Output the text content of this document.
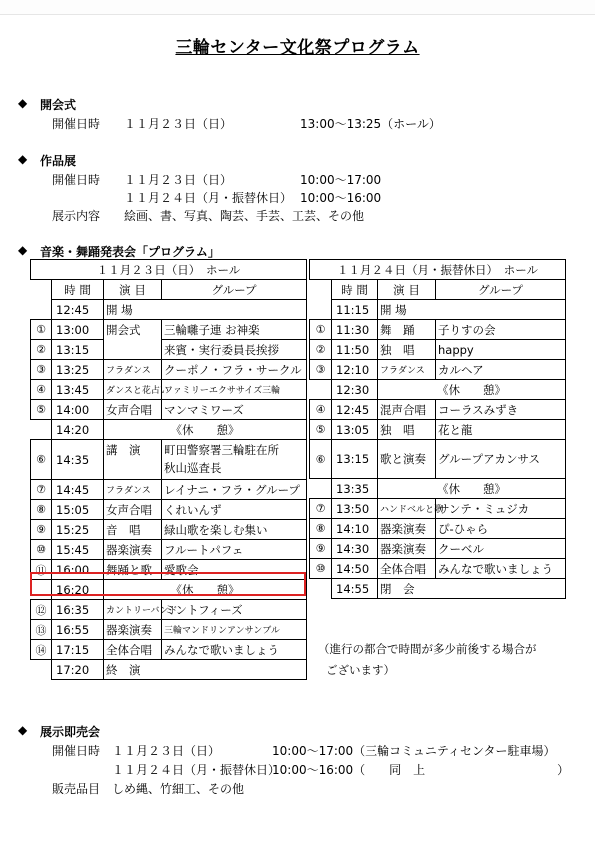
三輪センター文化祭プログラム
◆ 開会式
開催日時 １１月２３日（日）	13:00～13:25（ホール）
◆ 作品展
開催日時 １１月２３日（日）	10:00～17:00
１１月２４日（月・振替休日） 10:00～16:00
展示内容 絵画、書、写真、陶芸、手芸、工芸、その他
◆ 音楽・舞踊発表会「プログラム」
１１月２３日（日）　ホール			
	時 間	演 目	グループ
	12:45	開 場	
①	13:00	開会式	三輪囃子連 お神楽
②	13:15		来賓・実行委員長挨拶
③	13:25	フラダンス	クーポノ・フラ・サークル
④	13:45	ダンスと花占い	ファミリーエクササイズ三輪
⑤	14:00	女声合唱	マンマミワーズ
	14:20	《休　　憩》	
⑥	14:35	講　演	町田警察署三輪駐在所
秋山巡査長

⑦	14:45	フラダンス	レイナニ・フラ・グループ
⑧	15:05	女声合唱	くれいんず
⑨	15:25	音　唱	緑山歌を楽しむ集い
⑩	15:45	器楽演奏	フルートパフェ
⑪	16:00	舞踊と歌	愛歌会
	16:20	《休　　憩》	
⑫	16:35	カントリーバンド	ミントフィーズ
⑬	16:55	器楽演奏	三輪マンドリンアンサンブル
⑭	17:15	全体合唱	みんなで歌いましょう
	17:20	終　演	
１１月２４日（月・振替休日）　ホール			
	時 間	演 目	グループ
	11:15	開 場	
①	11:30	舞　踊	子りすの会
②	11:50	独　唱	happy
③	12:10	フラダンス	カルヘア
	12:30	《休　　憩》	
④	12:45	混声合唱	コーラスみずき
⑤	13:05	独　唱	花と龍
⑥	13:15	歌と演奏	グループアカンサス
	13:35	《休　　憩》	
⑦	13:50	ハンドベルと歌	サンテ・ミュジカ
⑧	14:10	器楽演奏	ぴ-ひゃら
⑨	14:30	器楽演奏	クーベル
⑩	14:50	全体合唱	みんなで歌いましょう
	14:55	閉　会	
（進行の都合で時間が多少前後する場合が
ございます）
◆ 展示即売会
開催日時 １１月２３日（日）	10:00～17:00（三輪コミュニティセンター駐車場）
１１月２４日（月・振替休日）
10:00～16:00（　　同　上　　　　　　　　　　　）
販売品目 しめ縄、竹細工、その他
